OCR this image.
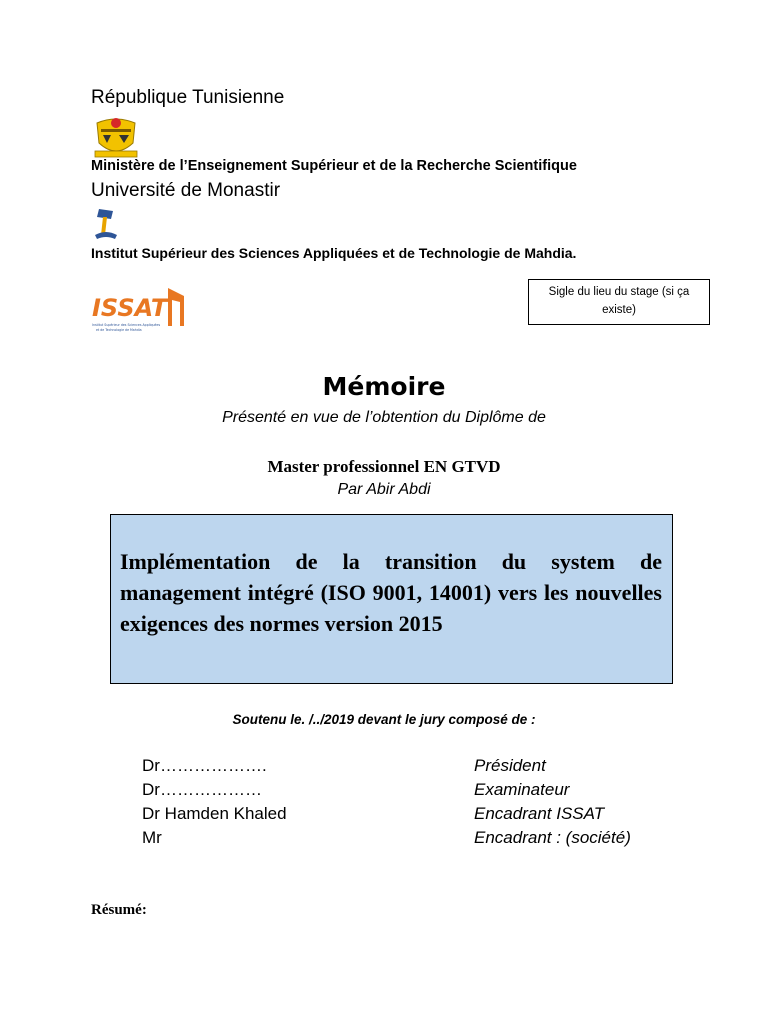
République Tunisienne
Ministère de l’Enseignement Supérieur et de la Recherche Scientifique
Université de Monastir
Institut Supérieur des Sciences Appliquées et de Technologie de Mahdia.
ISSAT
Institut Supérieur des Sciences Appliquées
et de Technologie de Mahdia
Sigle du lieu du stage (si ça existe)
Mémoire
Présenté en vue de l’obtention du Diplôme de
Master professionnel EN GTVD
Par Abir Abdi
Implémentation de la transition du system de management intégré (ISO 9001, 14001) vers les nouvelles exigences des normes version 2015
Soutenu le. /../2019 devant le jury composé de :
Dr……………….	Président
Dr………………	Examinateur
Dr Hamden Khaled	Encadrant ISSAT
Mr	Encadrant : (société)
Résumé:
